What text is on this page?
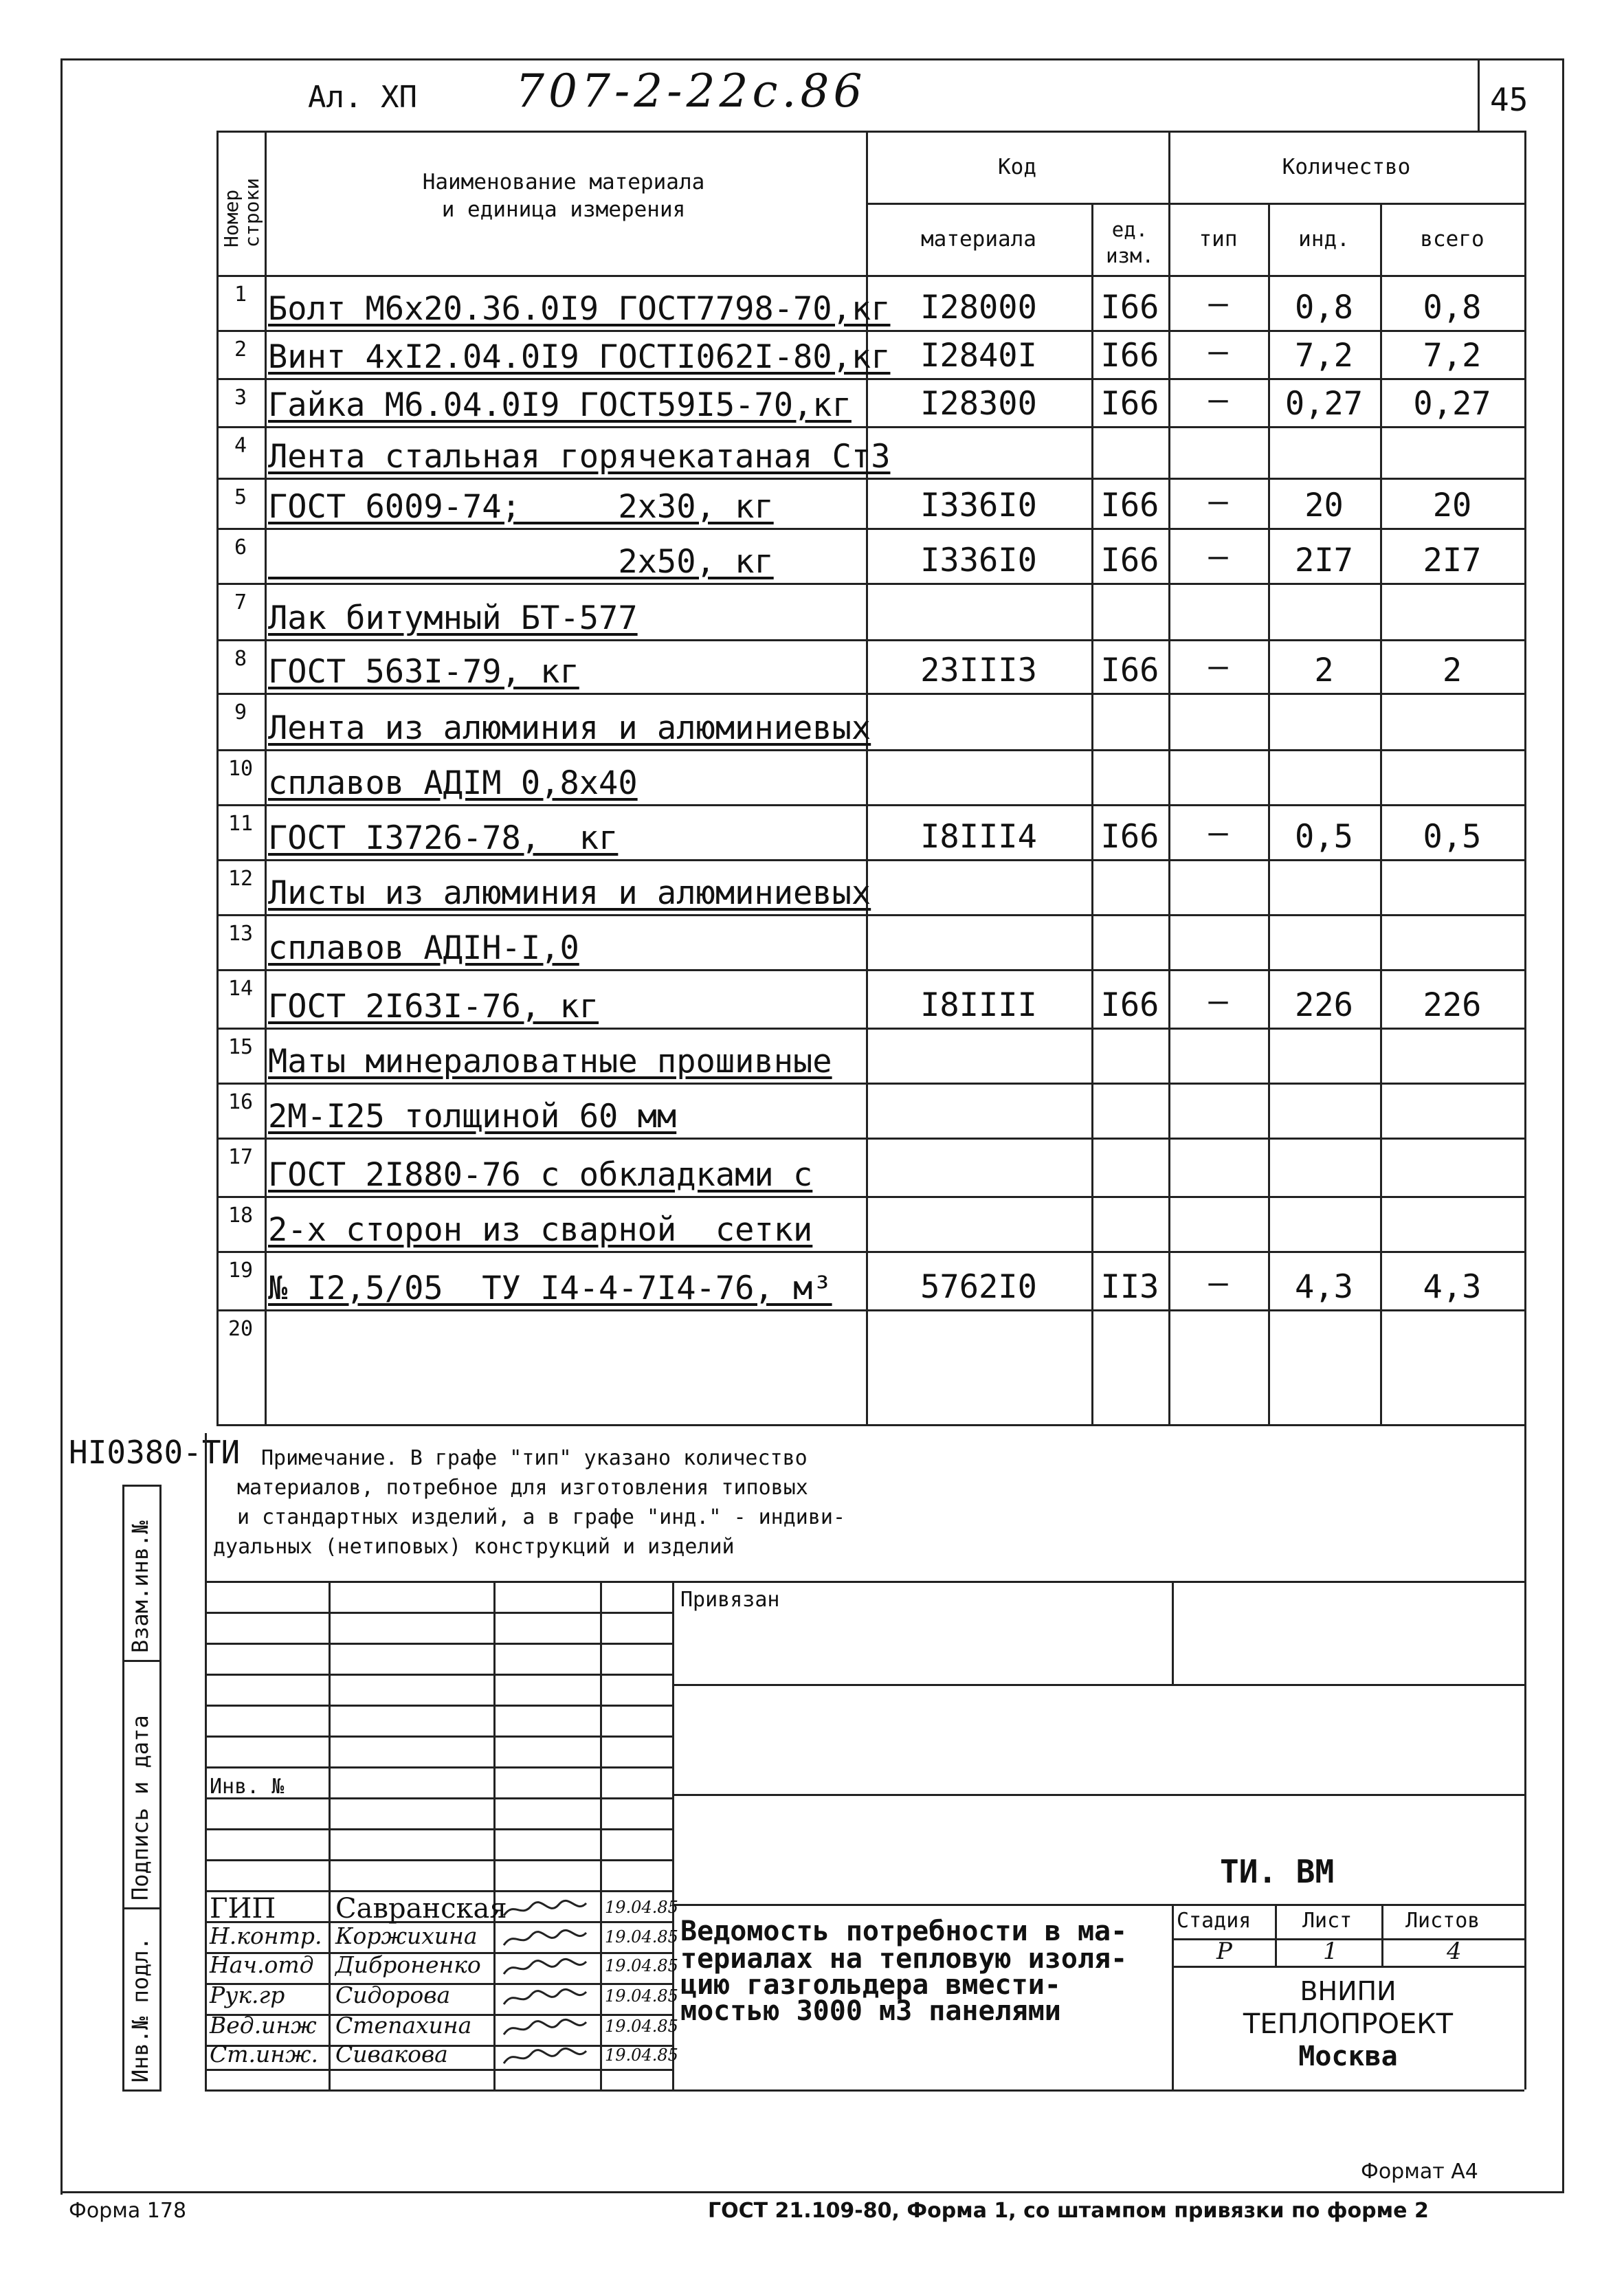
Ал. ХП 707-2-22с.86	45
Номер
строки	Наименование материала
и единица измерения
Код	Количество
материала	ед. изм.
тип	инд.	всего
1 Болт М6х20.36.0I9 ГОСТ7798-70,кг I28000	I66	–	0,8	0,8
2 Винт 4хI2.04.0I9 ГОСТI062I-80,кг I2840I	I66	–	7,2	7,2
3 Гайка М6.04.0I9 ГОСТ59I5-70,кг	I28300	I66	–	0,27	0,27
4 Лента стальная горячекатаная Ст3
5 ГОСТ 6009-74;     2х30, кг	I336I0	I66	–	20	20
6 2х50, кг	I336I0	I66	–	2I7	2I7
7 Лак битумный БТ-577
8 ГОСТ 563I-79, кг	23III3	I66	–	2	2
9 Лента из алюминия и алюминиевых
10 сплавов АДIМ 0,8х40
11 ГОСТ I3726-78,  кг	I8III4	I66	–	0,5	0,5
12 Листы из алюминия и алюминиевых
13 сплавов АДIН-I,0
14 ГОСТ 2I63I-76, кг	I8IIII	I66	–	226	226
15 Маты минераловатные прошивные
16 2М-I25 толщиной 60 мм
17 ГОСТ 2I880-76 с обкладками с
18 2-х сторон из сварной  сетки
19 № I2,5/05  ТУ I4-4-7I4-76, м³	5762I0	II3	–	4,3	4,3
20
HI0380-ТИ Примечание. В графе "тип" указано количество
материалов, потребное для изготовления типовых
и стандартных изделий, а в графе "инд." - индиви-
дуальных (нетиповых) конструкций и изделий
Взам.инв.№
Подпись и дата
Инв.№ подл.
Привязан
Инв. №
ТИ. ВМ
Ведомость потребности в ма-
териалах на тепловую изоля-
цию газгольдера вмести-
мостью 3000 м3 панелями
Стадия Лист	Листов
Р	1	4
ВНИПИ
ТЕПЛОПРОЕКТ
Москва
ГИП Савранская	19.04.85
Н.контр. Коржихина	19.04.85
Нач.отд Диброненко	19.04.85
Рук.гр Сидорова	19.04.85
Вед.инж Степахина	19.04.85
Ст.инж. Сивакова	19.04.85
Формат А4
Форма 178	ГОСТ 21.109-80, Форма 1, со штампом привязки по форме 2
